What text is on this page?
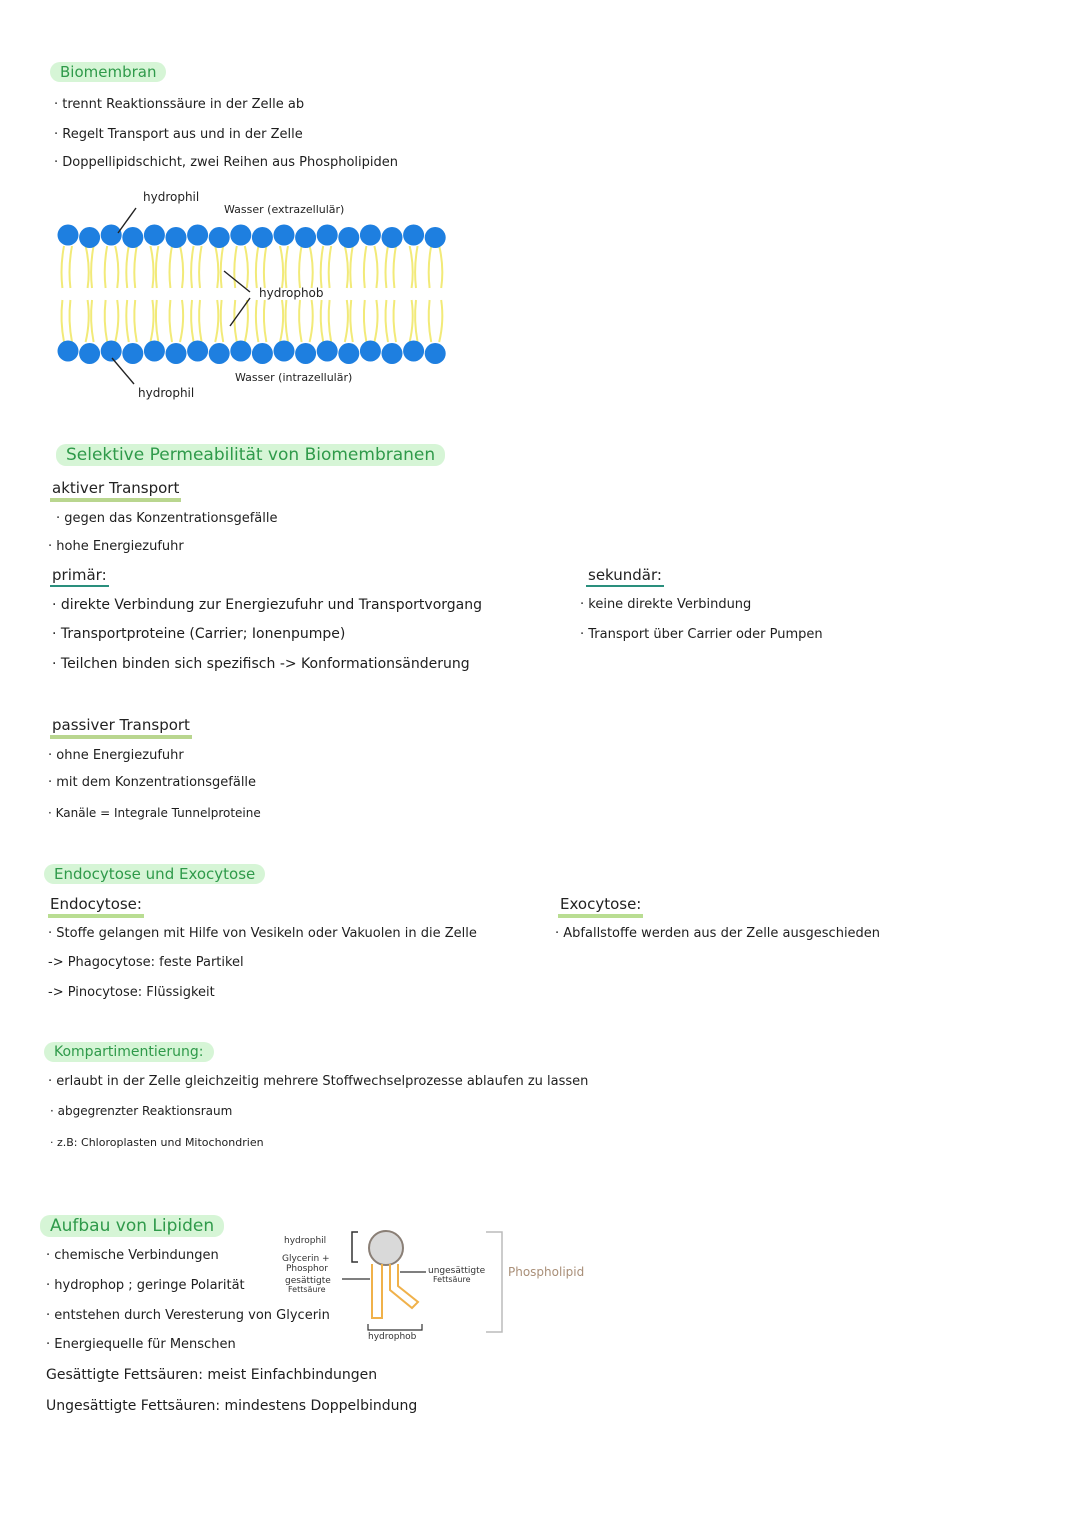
Biomembran
· trennt Reaktionssäure in der Zelle ab
· Regelt Transport aus und in der Zelle
· Doppellipidschicht, zwei Reihen aus Phospholipiden
hydrophil
Wasser (extrazellulär)
hydrophob
hydrophil
Wasser (intrazellulär)
Selektive Permeabilität von Biomembranen
aktiver Transport
· gegen das Konzentrationsgefälle
· hohe Energiezufuhr
primär:
· direkte Verbindung zur Energiezufuhr und Transportvorgang
· Transportproteine (Carrier; Ionenpumpe)
· Teilchen binden sich spezifisch -> Konformationsänderung
sekundär:
· keine direkte Verbindung
· Transport über Carrier oder Pumpen
passiver Transport
· ohne Energiezufuhr
· mit dem Konzentrationsgefälle
· Kanäle = Integrale Tunnelproteine
Endocytose und Exocytose
Endocytose:
· Stoffe gelangen mit Hilfe von Vesikeln oder Vakuolen in die Zelle
-> Phagocytose: feste Partikel
-> Pinocytose: Flüssigkeit
Exocytose:
· Abfallstoffe werden aus der Zelle ausgeschieden
Kompartimentierung:
· erlaubt in der Zelle gleichzeitig mehrere Stoffwechselprozesse ablaufen zu lassen
· abgegrenzter Reaktionsraum
· z.B: Chloroplasten und Mitochondrien
Aufbau von Lipiden
· chemische Verbindungen
· hydrophop ; geringe Polarität
· entstehen durch Veresterung von Glycerin
· Energiequelle für Menschen
Gesättigte Fettsäuren: meist Einfachbindungen
Ungesättigte Fettsäuren: mindestens Doppelbindung
hydrophil
Glycerin +
Phosphor
gesättigte
Fettsäure
ungesättigte
Fettsäure
hydrophob
Phospholipid
